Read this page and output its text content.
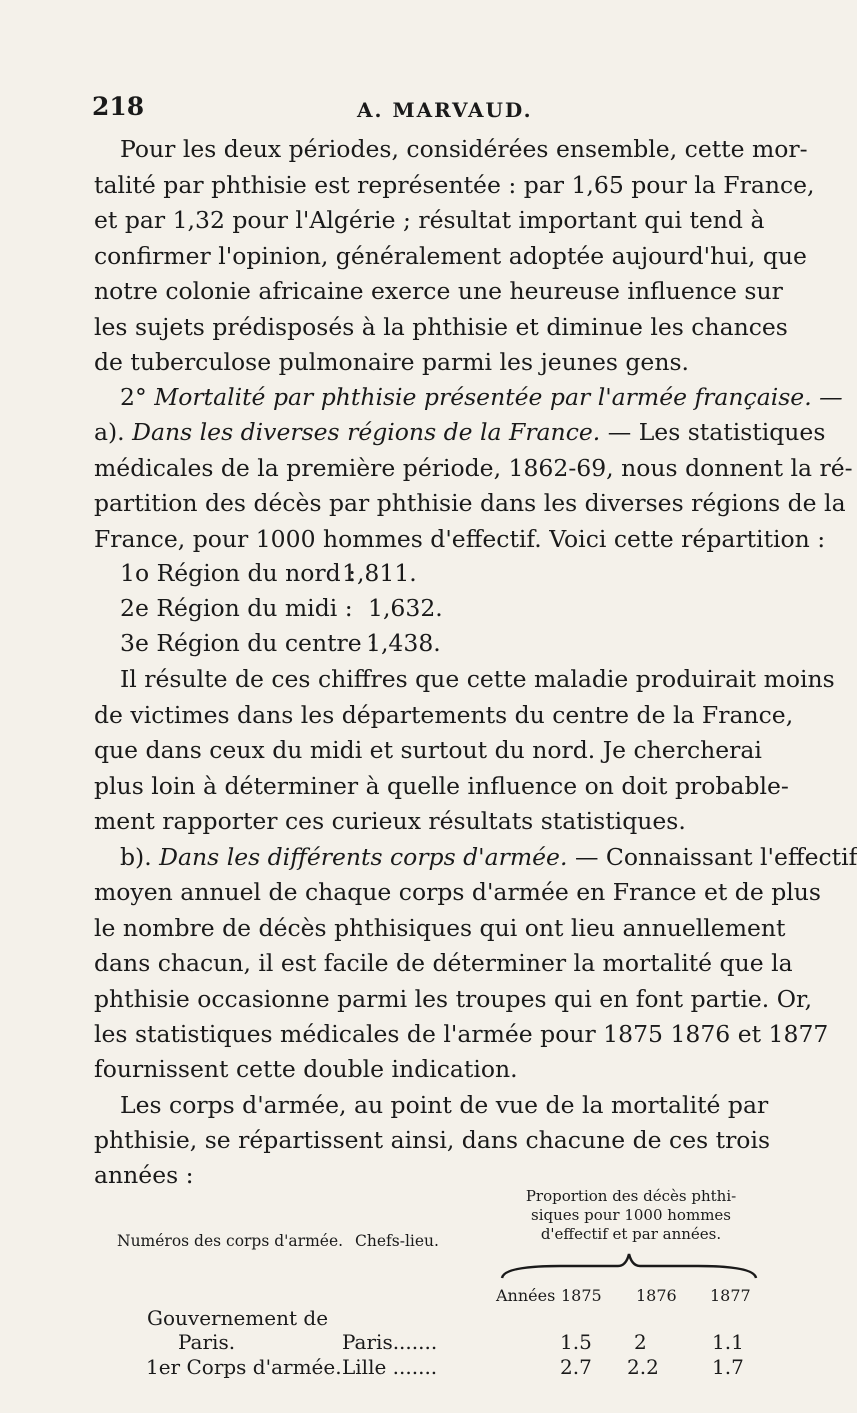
218	A. MARVAUD.
Pour les deux périodes, considérées ensemble, cette mor-
talité par phthisie est représentée : par 1,65 pour la France,
et par 1,32 pour l'Algérie ; résultat important qui tend à
confirmer l'opinion, généralement adoptée aujourd'hui, que
notre colonie africaine exerce une heureuse influence sur
les sujets prédisposés à la phthisie et diminue les chances
de tuberculose pulmonaire parmi les jeunes gens.
2° Mortalité par phthisie présentée par l'armée française. —
a). Dans les diverses régions de la France. — Les statistiques
médicales de la première période, 1862-69, nous donnent la ré-
partition des décès par phthisie dans les diverses régions de la
France, pour 1000 hommes d'effectif. Voici cette répartition :
1o Région du nord :1,811.
2e Région du midi : 1,632.
3e Région du centre :1,438.
Il résulte de ces chiffres que cette maladie produirait moins
de victimes dans les départements du centre de la France,
que dans ceux du midi et surtout du nord. Je chercherai
plus loin à déterminer à quelle influence on doit probable-
ment rapporter ces curieux résultats statistiques.
b). Dans les différents corps d'armée. — Connaissant l'effectif
moyen annuel de chaque corps d'armée en France et de plus
le nombre de décès phthisiques qui ont lieu annuellement
dans chacun, il est facile de déterminer la mortalité que la
phthisie occasionne parmi les troupes qui en font partie. Or,
les statistiques médicales de l'armée pour 1875 1876 et 1877
fournissent cette double indication.
Les corps d'armée, au point de vue de la mortalité par
phthisie, se répartissent ainsi, dans chacune de ces trois
années :
Numéros des corps d'armée. Chefs-lieu.
Proportion des décès phthi-
siques pour 1000 hommes
d'effectif et par années.
Années 1875 1876 1877
Gouvernement de
Paris.	Paris.......	1.5 2	1.1
1er Corps d'armée. Lille .......	2.7 2.2	1.7
